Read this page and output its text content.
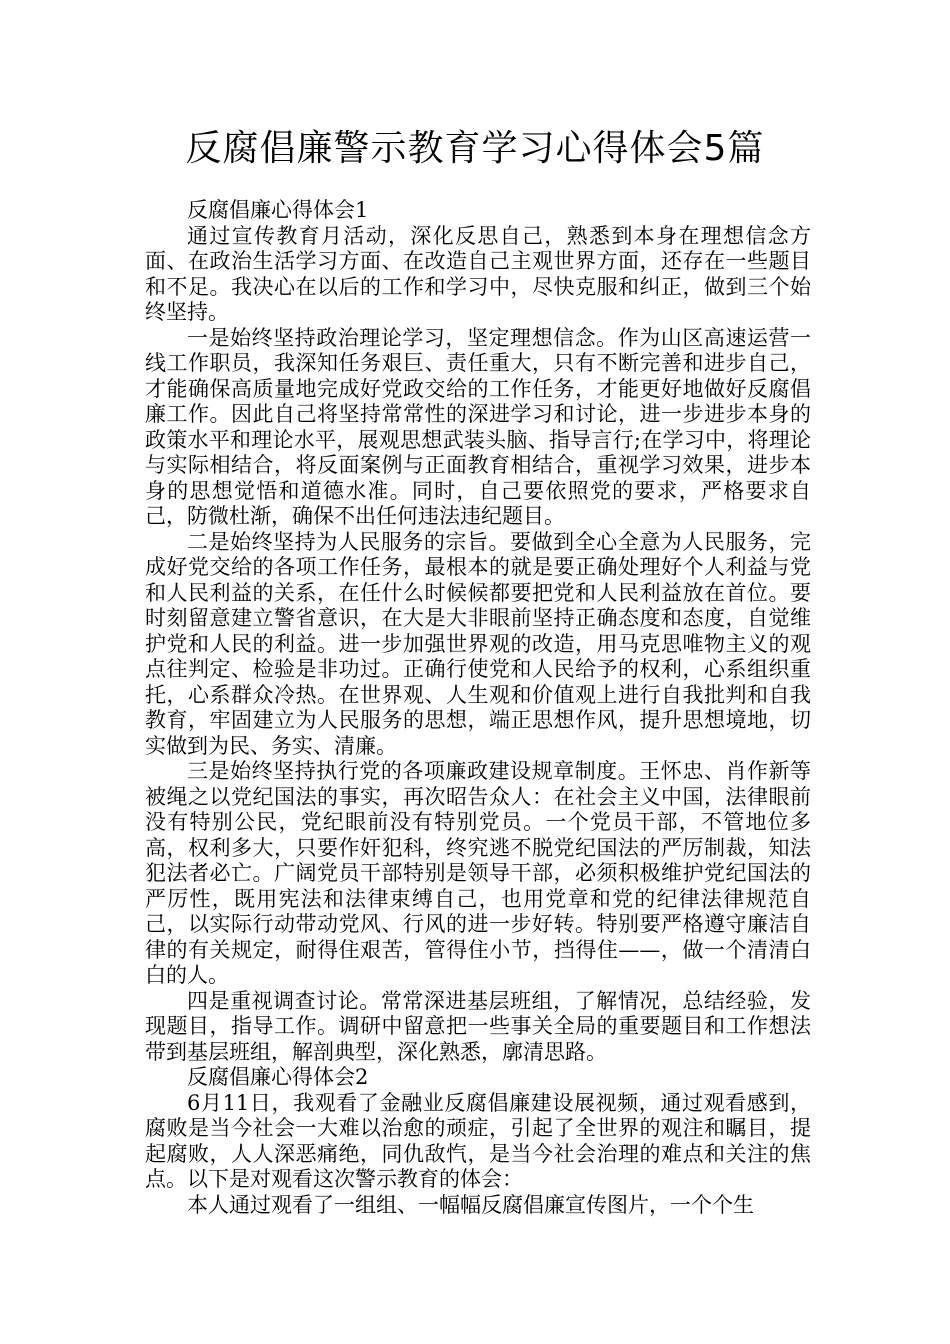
反腐倡廉警示教育学习心得体会5篇

反腐倡廉心得体会1

通过宣传教育月活动，深化反思自己，熟悉到本身在理想信念方面、在政治生活学习方面、在改造自己主观世界方面，还存在一些题目和不足。我决心在以后的工作和学习中，尽快克服和纠正，做到三个始终坚持。

一是始终坚持政治理论学习，坚定理想信念。作为山区高速运营一线工作职员，我深知任务艰巨、责任重大，只有不断完善和进步自己，才能确保高质量地完成好党政交给的工作任务，才能更好地做好反腐倡廉工作。因此自己将坚持常常性的深进学习和讨论，进一步进步本身的政策水平和理论水平，展观思想武装头脑、指导言行;在学习中，将理论与实际相结合，将反面案例与正面教育相结合，重视学习效果，进步本身的思想觉悟和道德水准。同时，自己要依照党的要求，严格要求自己，防微杜渐，确保不出任何违法违纪题目。

二是始终坚持为人民服务的宗旨。要做到全心全意为人民服务，完成好党交给的各项工作任务，最根本的就是要正确处理好个人利益与党和人民利益的关系，在任什么时候候都要把党和人民利益放在首位。要时刻留意建立警省意识，在大是大非眼前坚持正确态度和态度，自觉维护党和人民的利益。进一步加强世界观的改造，用马克思唯物主义的观点往判定、检验是非功过。正确行使党和人民给予的权利，心系组织重托，心系群众冷热。在世界观、人生观和价值观上进行自我批判和自我教育，牢固建立为人民服务的思想，端正思想作风，提升思想境地，切实做到为民、务实、清廉。

三是始终坚持执行党的各项廉政建设规章制度。王怀忠、肖作新等被绳之以党纪国法的事实，再次昭告众人：在社会主义中国，法律眼前没有特别公民，党纪眼前没有特别党员。一个党员干部，不管地位多高，权利多大，只要作奸犯科，终究逃不脱党纪国法的严厉制裁，知法犯法者必亡。广阔党员干部特别是领导干部，必须积极维护党纪国法的严厉性，既用宪法和法律束缚自己，也用党章和党的纪律法律规范自己，以实际行动带动党风、行风的进一步好转。特别要严格遵守廉洁自律的有关规定，耐得住艰苦，管得住小节，挡得住——，做一个清清白白的人。

四是重视调查讨论。常常深进基层班组，了解情况，总结经验，发现题目，指导工作。调研中留意把一些事关全局的重要题目和工作想法带到基层班组，解剖典型，深化熟悉，廓清思路。

反腐倡廉心得体会2

6月11日，我观看了金融业反腐倡廉建设展视频，通过观看感到，腐败是当今社会一大难以治愈的顽症，引起了全世界的观注和瞩目，提起腐败，人人深恶痛绝，同仇敌忾，是当今社会治理的难点和关注的焦点。以下是对观看这次警示教育的体会：

本人通过观看了一组组、一幅幅反腐倡廉宣传图片，一个个生
